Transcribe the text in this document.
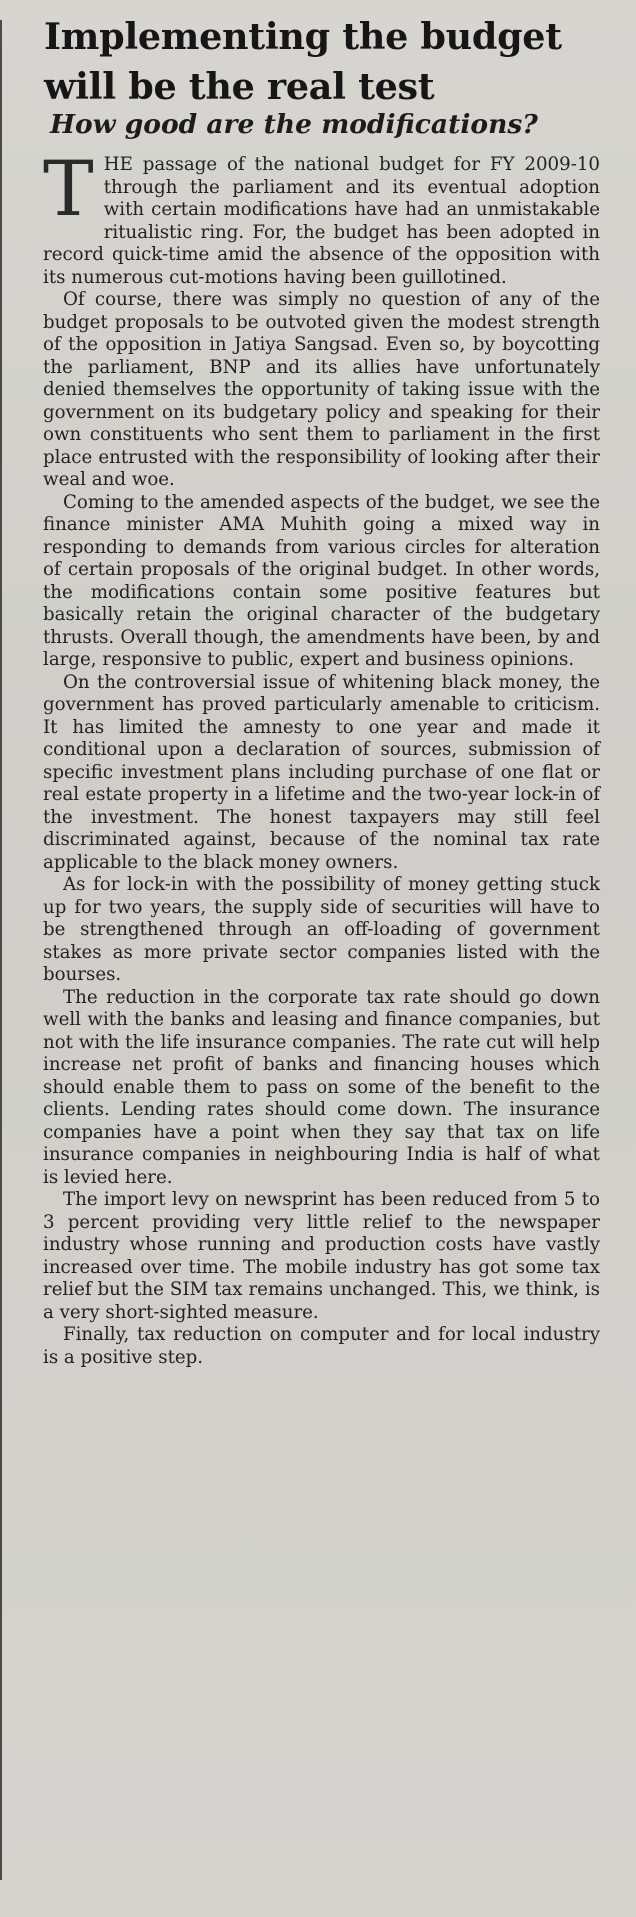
Implementing the budget will be the real test
How good are the modifications?

THE passage of the national budget for FY 2009-10 through the parliament and its eventual adoption with certain modifications have had an unmistakable ritualistic ring. For, the budget has been adopted in record quick-time amid the absence of the opposition with its numerous cut-motions having been guillotined.

Of course, there was simply no question of any of the budget proposals to be outvoted given the modest strength of the opposition in Jatiya Sangsad. Even so, by boycotting the parliament, BNP and its allies have unfortunately denied themselves the opportunity of taking issue with the government on its budgetary policy and speaking for their own constituents who sent them to parliament in the first place entrusted with the responsibility of looking after their weal and woe.

Coming to the amended aspects of the budget, we see the finance minister AMA Muhith going a mixed way in responding to demands from various circles for alteration of certain proposals of the original budget. In other words, the modifications contain some positive features but basically retain the original character of the budgetary thrusts. Overall though, the amendments have been, by and large, responsive to public, expert and business opinions.

On the controversial issue of whitening black money, the government has proved particularly amenable to criticism. It has limited the amnesty to one year and made it conditional upon a declaration of sources, submission of specific investment plans including purchase of one flat or real estate property in a lifetime and the two-year lock-in of the investment. The honest taxpayers may still feel discriminated against, because of the nominal tax rate applicable to the black money owners.

As for lock-in with the possibility of money getting stuck up for two years, the supply side of securities will have to be strengthened through an off-loading of government stakes as more private sector companies listed with the bourses.

The reduction in the corporate tax rate should go down well with the banks and leasing and finance companies, but not with the life insurance companies. The rate cut will help increase net profit of banks and financing houses which should enable them to pass on some of the benefit to the clients. Lending rates should come down. The insurance companies have a point when they say that tax on life insurance companies in neighbouring India is half of what is levied here.

The import levy on newsprint has been reduced from 5 to 3 percent providing very little relief to the newspaper industry whose running and production costs have vastly increased over time. The mobile industry has got some tax relief but the SIM tax remains unchanged. This, we think, is a very short-sighted measure.

Finally, tax reduction on computer and for local industry is a positive step.
